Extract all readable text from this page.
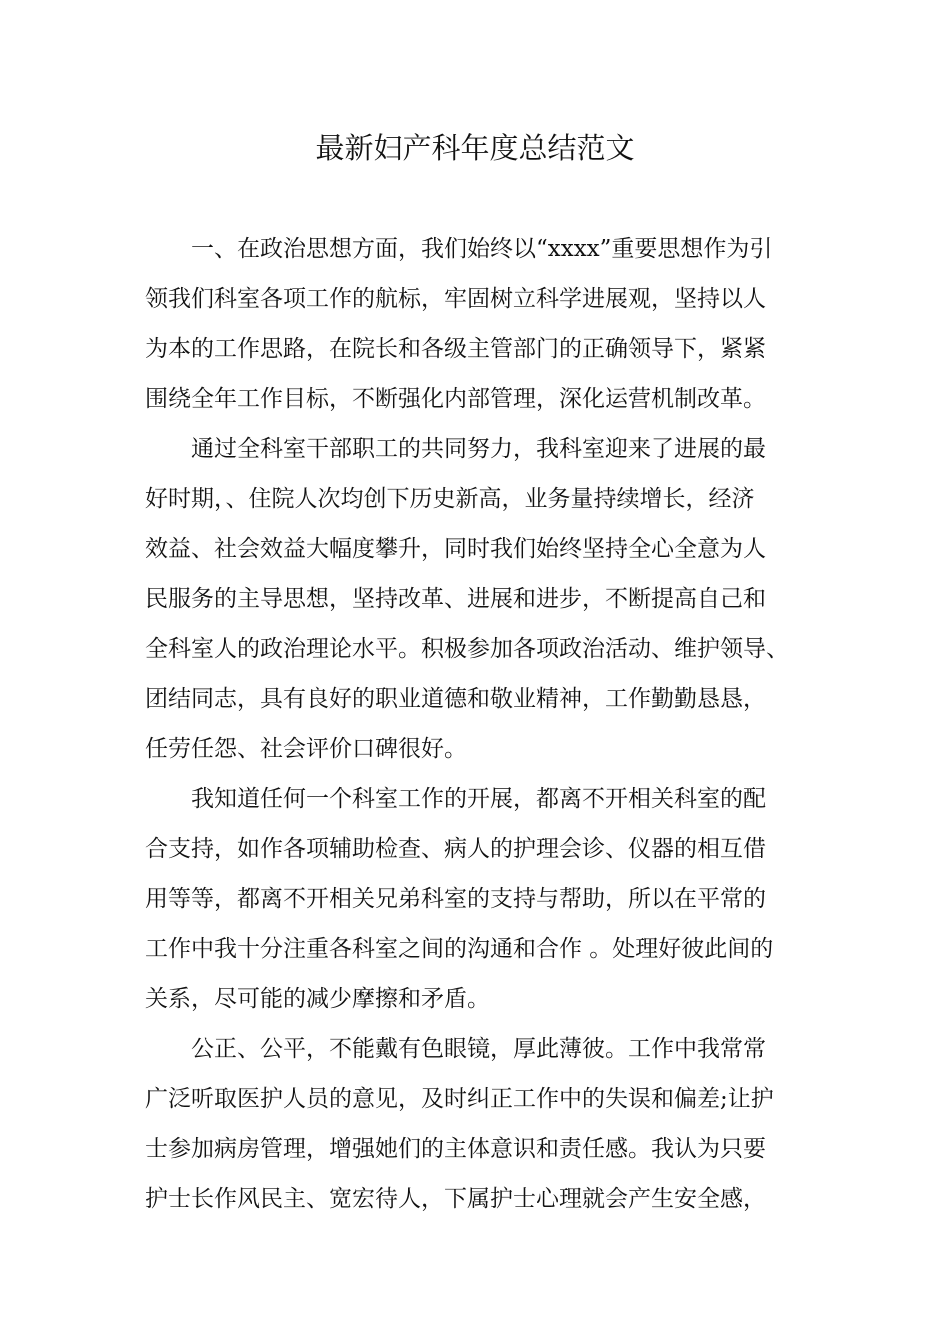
最新妇产科年度总结范文
一、在政治思想方面，我们始终以“xxxx”重要思想作为引
领我们科室各项工作的航标，牢固树立科学进展观，坚持以人
为本的工作思路，在院长和各级主管部门的正确领导下，紧紧
围绕全年工作目标，不断强化内部管理，深化运营机制改革。
通过全科室干部职工的共同努力，我科室迎来了进展的最
好时期，、住院人次均创下历史新高，业务量持续增长，经济
效益、社会效益大幅度攀升，同时我们始终坚持全心全意为人
民服务的主导思想，坚持改革、进展和进步，不断提高自己和
全科室人的政治理论水平。积极参加各项政治活动、维护领导、
团结同志，具有良好的职业道德和敬业精神，工作勤勤恳恳，
任劳任怨、社会评价口碑很好。
我知道任何一个科室工作的开展，都离不开相关科室的配
合支持，如作各项辅助检查、病人的护理会诊、仪器的相互借
用等等，都离不开相关兄弟科室的支持与帮助，所以在平常的
工作中我十分注重各科室之间的沟通和合作 。处理好彼此间的
关系，尽可能的减少摩擦和矛盾。
公正、公平，不能戴有色眼镜，厚此薄彼。工作中我常常
广泛听取医护人员的意见，及时纠正工作中的失误和偏差;让护
士参加病房管理，增强她们的主体意识和责任感。我认为只要
护士长作风民主、宽宏待人，下属护士心理就会产生安全感，
